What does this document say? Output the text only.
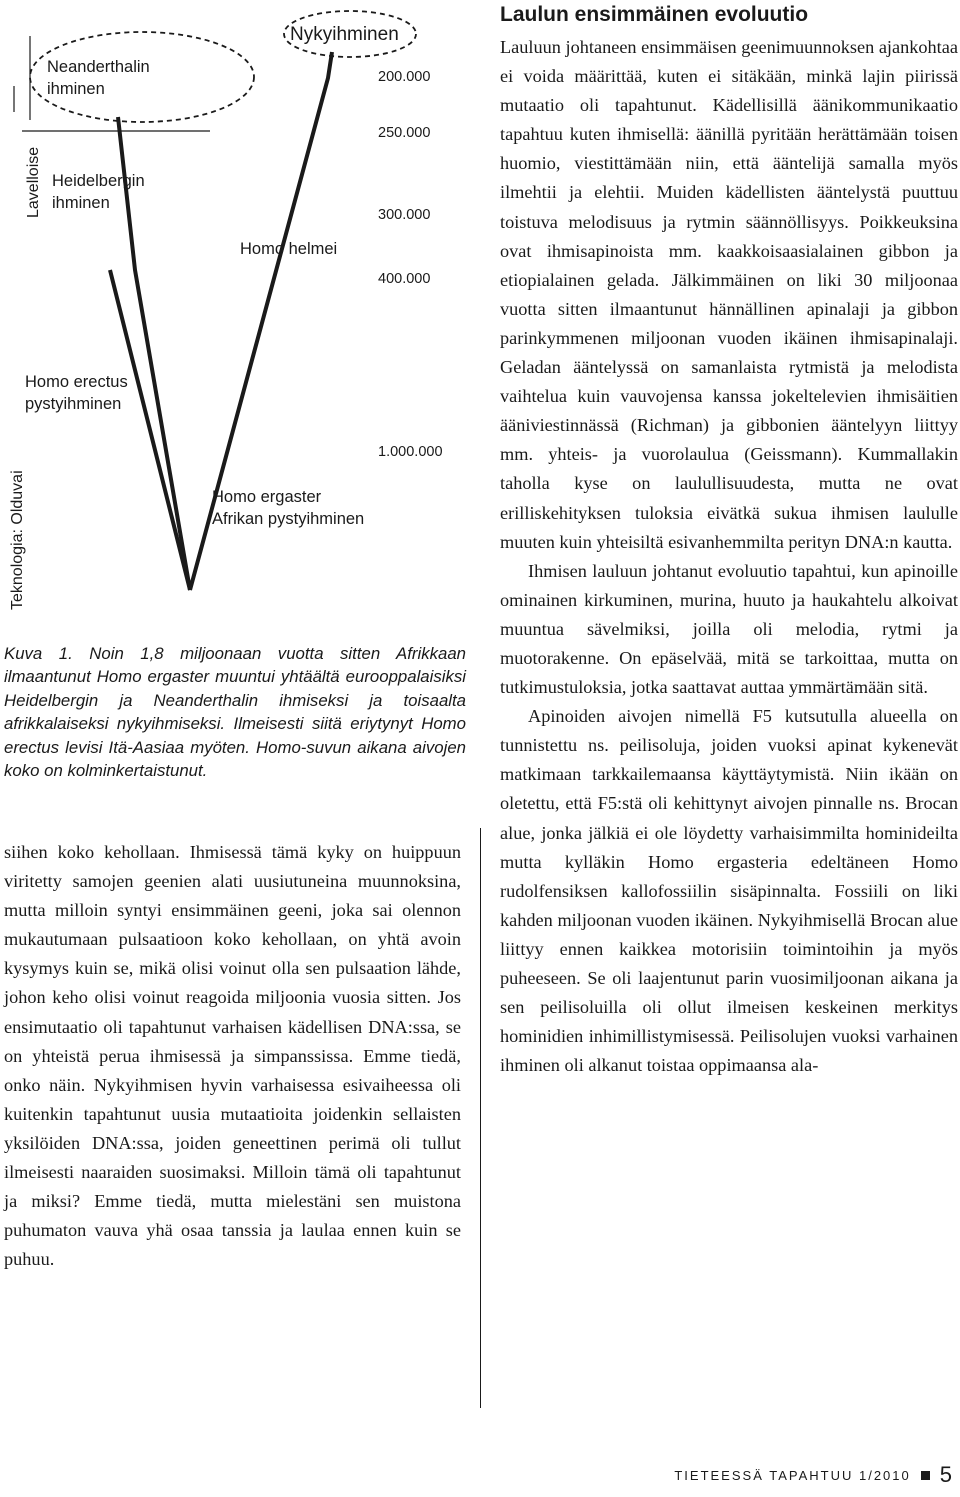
Lavelloise
Teknologia: Olduvai
Neanderthalin ihminen
Nykyihminen
Heidelbergin ihminen
Homo helmei
Homo erectus pystyihminen
Homo ergaster Afrikan pystyihminen
200.000
250.000
300.000
400.000
1.000.000
Kuva 1. Noin 1,8 miljoonaan vuotta sitten Afrikkaan ilmaantunut Homo ergaster muuntui yhtäältä eurooppalaisiksi Heidelbergin ja Neanderthalin ihmiseksi ja toisaalta afrikkalaiseksi nykyihmiseksi. Ilmeisesti siitä eriytynyt Homo erectus levisi Itä-Aasiaa myöten. Homo-suvun aikana aivojen koko on kolminkertaistunut.

siihen koko kehollaan. Ihmisessä tämä kyky on huippuun viritetty samojen geenien alati uusiutuneina muunnoksina, mutta milloin syntyi ensimmäinen geeni, joka sai olennon mukautumaan pulsaatioon koko kehollaan, on yhtä avoin kysymys kuin se, mikä olisi voinut olla sen pulsaation lähde, johon keho olisi voinut reagoida miljoonia vuosia sitten. Jos ensimutaatio oli tapahtunut varhaisen kädellisen DNA:ssa, se on yhteistä perua ihmisessä ja simpanssissa. Emme tiedä, onko näin. Nykyihmisen hyvin varhaisessa esivaiheessa oli kuitenkin tapahtunut uusia mutaatioita joidenkin sellaisten yksilöiden DNA:ssa, joiden geneettinen perimä oli tullut ilmeisesti naaraiden suosimaksi. Milloin tämä oli tapahtunut ja miksi? Emme tiedä, mutta mielestäni sen muistona puhumaton vauva yhä osaa tanssia ja laulaa ennen kuin se puhuu.

Laulun ensimmäinen evoluutio

Lauluun johtaneen ensimmäisen geenimuunnoksen ajankohtaa ei voida määrittää, kuten ei sitäkään, minkä lajin piirissä mutaatio oli tapahtunut. Kädellisillä äänikommunikaatio tapahtuu kuten ihmisellä: äänillä pyritään herättämään toisen huomio, viestittämään niin, että ääntelijä samalla myös ilmehtii ja elehtii. Muiden kädellisten ääntelystä puuttuu toistuva melodisuus ja rytmin säännöllisyys. Poikkeuksina ovat ihmisapinoista mm. kaakkoisaasialainen gibbon ja etiopialainen gelada. Jälkimmäinen on liki 30 miljoonaa vuotta sitten ilmaantunut hännällinen apinalaji ja gibbon parinkymmenen miljoonan vuoden ikäinen ihmisapinalaji. Geladan ääntelyssä on samanlaista rytmistä ja melodista vaihtelua kuin vauvojensa kanssa jokeltelevien ihmisäitien ääniviestinnässä (Richman) ja gibbonien ääntelyyn liittyy mm. yhteis- ja vuorolaulua (Geissmann). Kummallakin taholla kyse on laulullisuudesta, mutta ne ovat erilliskehityksen tuloksia eivätkä sukua ihmisen laululle muuten kuin yhteisiltä esivanhemmilta perityn DNA:n kautta.

Ihmisen lauluun johtanut evoluutio tapahtui, kun apinoille ominainen kirkuminen, murina, huuto ja haukahtelu alkoivat muuntua sävelmiksi, joilla oli melodia, rytmi ja muotorakenne. On epäselvää, mitä se tarkoittaa, mutta on tutkimustuloksia, jotka saattavat auttaa ymmärtämään sitä.

Apinoiden aivojen nimellä F5 kutsutulla alueella on tunnistettu ns. peilisoluja, joiden vuoksi apinat kykenevät matkimaan tarkkailemaansa käyttäytymistä. Niin ikään on oletettu, että F5:stä oli kehittynyt aivojen pinnalle ns. Brocan alue, jonka jälkiä ei ole löydetty varhaisimmilta hominideilta mutta kylläkin Homo ergasteria edeltäneen Homo rudolfensiksen kallofossiilin sisäpinnalta. Fossiili on liki kahden miljoonan vuoden ikäinen. Nykyihmisellä Brocan alue liittyy ennen kaikkea motorisiin toimintoihin ja myös puheeseen. Se oli laajentunut parin vuosimiljoonan aikana ja sen peilisoluilla oli ollut ilmeisen keskeinen merkitys hominidien inhimillistymisessä. Peilisolujen vuoksi varhainen ihminen oli alkanut toistaa oppimaansa ala-

TIETEESSÄ TAPAHTUU 1/2010 5
